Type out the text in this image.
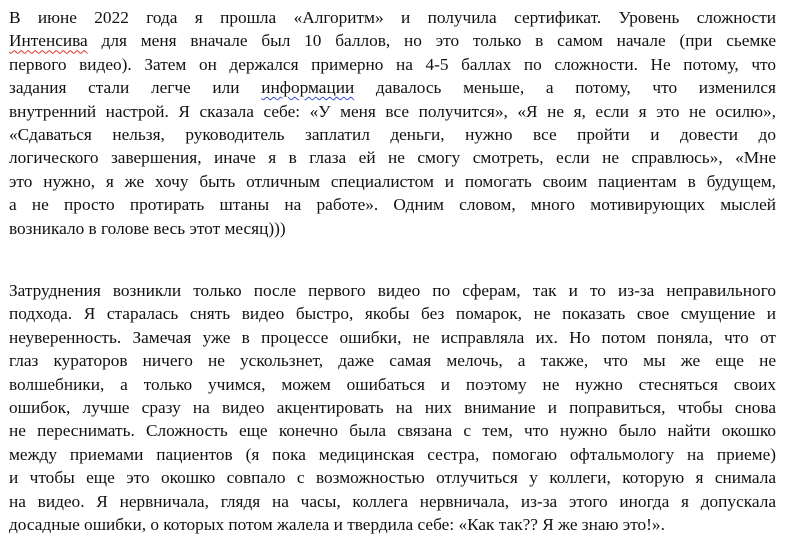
В июне 2022 года я прошла «Алгоритм» и получила сертификат. Уровень сложности
Интенсива для меня вначале был 10 баллов, но это только в самом начале (при сьемке
первого видео). Затем он держался примерно на 4-5 баллах по сложности. Не потому, что
задания стали легче или информации давалось меньше, а потому, что изменился
внутренний настрой. Я сказала себе: «У меня все получится», «Я не я, если я это не осилю»,
«Сдаваться нельзя, руководитель заплатил деньги, нужно все пройти и довести до
логического завершения, иначе я в глаза ей не смогу смотреть, если не справлюсь», «Мне
это нужно, я же хочу быть отличным специалистом и помогать своим пациентам в будущем,
а не просто протирать штаны на работе». Одним словом, много мотивирующих мыслей
возникало в голове весь этот месяц)))

Затруднения возникли только после первого видео по сферам, так и то из-за неправильного
подхода. Я старалась снять видео быстро, якобы без помарок, не показать свое смущение и
неуверенность. Замечая уже в процессе ошибки, не исправляла их. Но потом поняла, что от
глаз кураторов ничего не ускользнет, даже самая мелочь, а также, что мы же еще не
волшебники, а только учимся, можем ошибаться и поэтому не нужно стесняться своих
ошибок, лучше сразу на видео акцентировать на них внимание и поправиться, чтобы снова
не переснимать. Сложность еще конечно была связана с тем, что нужно было найти окошко
между приемами пациентов (я пока медицинская сестра, помогаю офтальмологу на приеме)
и чтобы еще это окошко совпало с возможностью отлучиться у коллеги, которую я снимала
на видео. Я нервничала, глядя на часы, коллега нервничала, из-за этого иногда я допускала
досадные ошибки, о которых потом жалела и твердила себе: «Как так?? Я же знаю это!».
